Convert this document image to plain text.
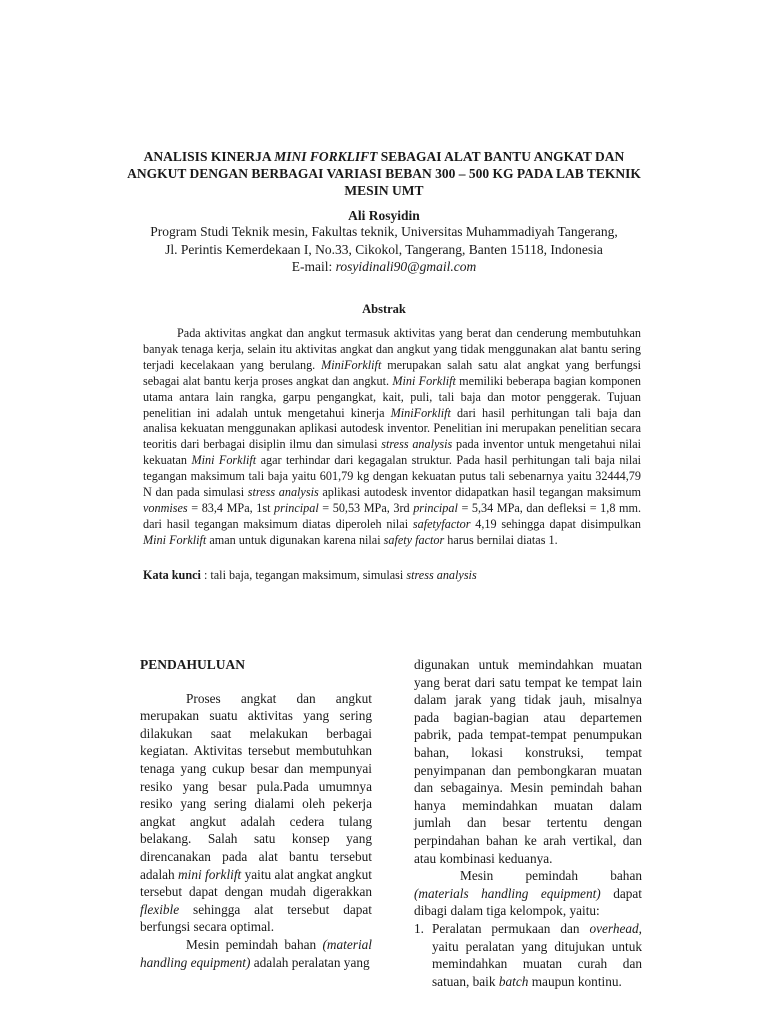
ANALISIS KINERJA MINI FORKLIFT SEBAGAI ALAT BANTU ANGKAT DAN ANGKUT DENGAN BERBAGAI VARIASI BEBAN 300 – 500 KG PADA LAB TEKNIK MESIN UMT
Ali Rosyidin
Program Studi Teknik mesin, Fakultas teknik, Universitas Muhammadiyah Tangerang,
Jl. Perintis Kemerdekaan I, No.33, Cikokol, Tangerang, Banten 15118, Indonesia
E-mail: rosyidinali90@gmail.com
Abstrak

Pada aktivitas angkat dan angkut termasuk aktivitas yang berat dan cenderung membutuhkan banyak tenaga kerja, selain itu aktivitas angkat dan angkut yang tidak menggunakan alat bantu sering terjadi kecelakaan yang berulang. MiniForklift merupakan salah satu alat angkat yang berfungsi sebagai alat bantu kerja proses angkat dan angkut. Mini Forklift memiliki beberapa bagian komponen utama antara lain rangka, garpu pengangkat, kait, puli, tali baja dan motor penggerak. Tujuan penelitian ini adalah untuk mengetahui kinerja MiniForklift dari hasil perhitungan tali baja dan analisa kekuatan menggunakan aplikasi autodesk inventor. Penelitian ini merupakan penelitian secara teoritis dari berbagai disiplin ilmu dan simulasi stress analysis pada inventor untuk mengetahui nilai kekuatan Mini Forklift agar terhindar dari kegagalan struktur. Pada hasil perhitungan tali baja nilai tegangan maksimum tali baja yaitu 601,79 kg dengan kekuatan putus tali sebenarnya yaitu 32444,79 N dan pada simulasi stress analysis aplikasi autodesk inventor didapatkan hasil tegangan maksimum vonmises = 83,4 MPa, 1st principal = 50,53 MPa, 3rd principal = 5,34 MPa, dan defleksi = 1,8 mm. dari hasil tegangan maksimum diatas diperoleh nilai safetyfactor 4,19 sehingga dapat disimpulkan Mini Forklift aman untuk digunakan karena nilai safety factor harus bernilai diatas 1.

Kata kunci : tali baja, tegangan maksimum, simulasi stress analysis
PENDAHULUAN

Proses angkat dan angkut merupakan suatu aktivitas yang sering dilakukan saat melakukan berbagai kegiatan. Aktivitas tersebut membutuhkan tenaga yang cukup besar dan mempunyai resiko yang besar pula.Pada umumnya resiko yang sering dialami oleh pekerja angkat angkut adalah cedera tulang belakang. Salah satu konsep yang direncanakan pada alat bantu tersebut adalah mini forklift yaitu alat angkat angkut tersebut dapat dengan mudah digerakkan flexible sehingga alat tersebut dapat berfungsi secara optimal.

Mesin pemindah bahan (material handling equipment) adalah peralatan yang

digunakan untuk memindahkan muatan yang berat dari satu tempat ke tempat lain dalam jarak yang tidak jauh, misalnya pada bagian-bagian atau departemen pabrik, pada tempat-tempat penumpukan bahan, lokasi konstruksi, tempat penyimpanan dan pembongkaran muatan dan sebagainya. Mesin pemindah bahan hanya memindahkan muatan dalam jumlah dan besar tertentu dengan perpindahan bahan ke arah vertikal, dan atau kombinasi keduanya.

Mesin pemindah bahan (materials handling equipment) dapat dibagi dalam tiga kelompok, yaitu:

1. Peralatan permukaan dan overhead, yaitu peralatan yang ditujukan untuk memindahkan muatan curah dan satuan, baik batch maupun kontinu.
